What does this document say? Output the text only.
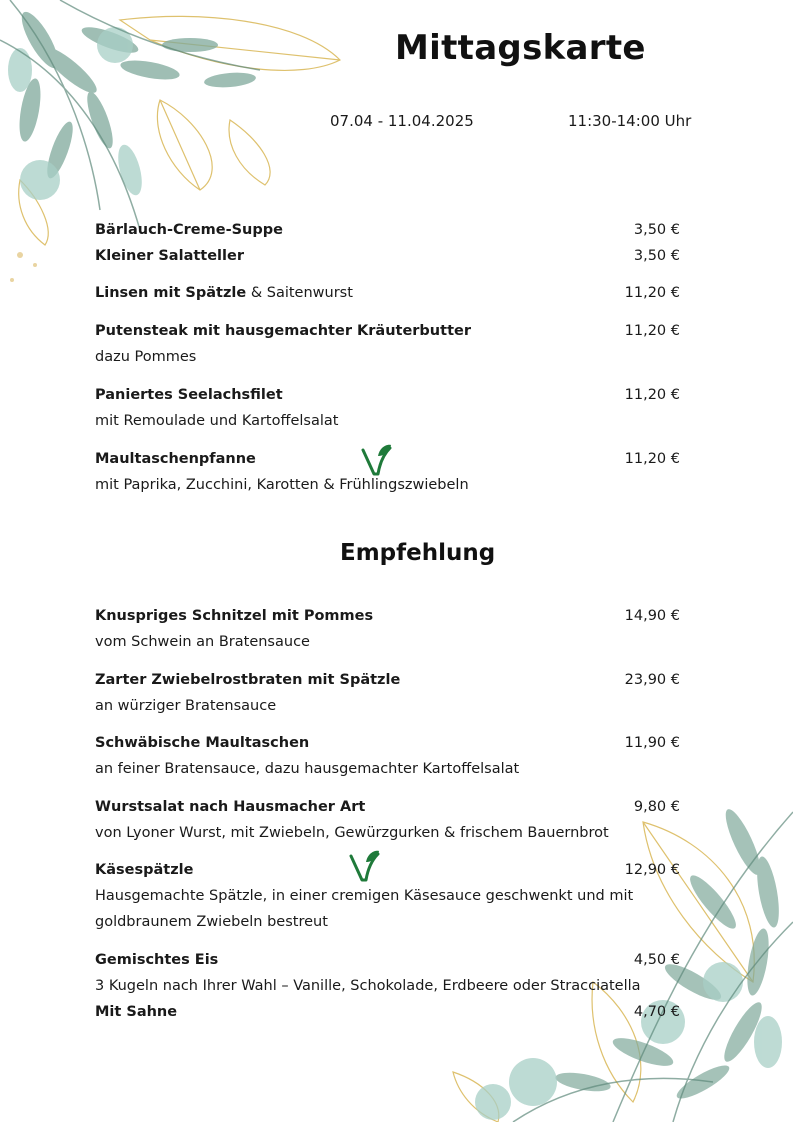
Mittagskarte
07.04 - 11.04.2025	11:30-14:00 Uhr
Bärlauch-Creme-Suppe	3,50 €
Kleiner Salatteller	3,50 €
Linsen mit Spätzle & Saitenwurst	11,20 €
Putensteak mit hausgemachter Kräuterbutter	11,20 €
dazu Pommes
Paniertes Seelachsfilet	11,20 €
mit Remoulade und Kartoffelsalat
Maultaschenpfanne	11,20 €
mit Paprika, Zucchini, Karotten & Frühlingszwiebeln
Empfehlung
Knuspriges Schnitzel mit Pommes	14,90 €
vom Schwein an Bratensauce
Zarter Zwiebelrostbraten mit Spätzle	23,90 €
an würziger Bratensauce
Schwäbische Maultaschen	11,90 €
an feiner Bratensauce, dazu hausgemachter Kartoffelsalat
Wurstsalat nach Hausmacher Art	9,80 €
von Lyoner Wurst, mit Zwiebeln, Gewürzgurken & frischem Bauernbrot
Käsespätzle	12,90 €
Hausgemachte Spätzle, in einer cremigen Käsesauce geschwenkt und mit goldbraunem Zwiebeln bestreut
Gemischtes Eis	4,50 €
3 Kugeln nach Ihrer Wahl – Vanille, Schokolade, Erdbeere oder Stracciatella
Mit Sahne	4,70 €
